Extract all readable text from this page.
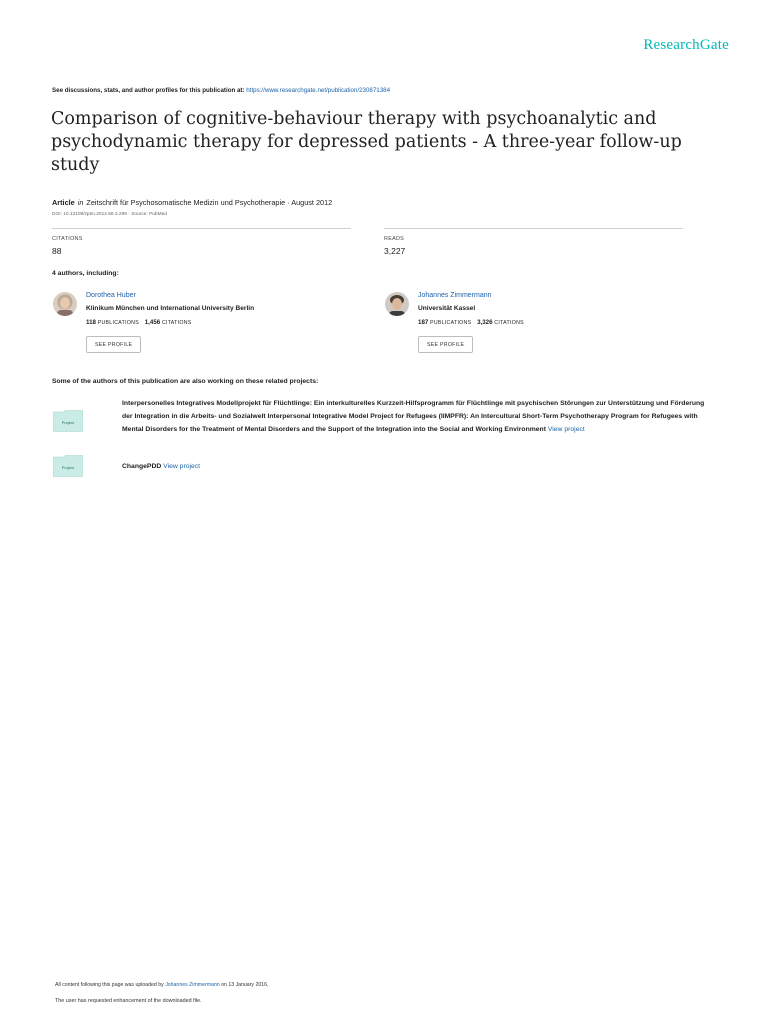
ResearchGate
See discussions, stats, and author profiles for this publication at: https://www.researchgate.net/publication/230871384
Comparison of cognitive-behaviour therapy with psychoanalytic and psychodynamic therapy for depressed patients - A three-year follow-up study
Article in Zeitschrift für Psychosomatische Medizin und Psychotherapie · August 2012
DOI: 10.13109/zptm.2012.58.3.299 · Source: PubMed
CITATIONS
88
READS
3,227
4 authors, including:
Dorothea Huber
Klinikum München und International University Berlin
118 PUBLICATIONS 1,456 CITATIONS
SEE PROFILE
Johannes Zimmermann
Universität Kassel
187 PUBLICATIONS 3,326 CITATIONS
SEE PROFILE
Some of the authors of this publication are also working on these related projects:
Project
Interpersonelles Integratives Modellprojekt für Flüchtlinge: Ein interkulturelles Kurzzeit-Hilfsprogramm für Flüchtlinge mit psychischen Störungen zur Unterstützung und Förderung der Integration in die Arbeits- und Sozialwelt Interpersonal Integrative Model Project for Refugees (IIMPFR): An Intercultural Short-Term Psychotherapy Program for Refugees with Mental Disorders for the Treatment of Mental Disorders and the Support of the Integration into the Social and Working Environment View project
Project	ChangePDD View project
All content following this page was uploaded by Johannes Zimmermann on 13 January 2016.
The user has requested enhancement of the downloaded file.
